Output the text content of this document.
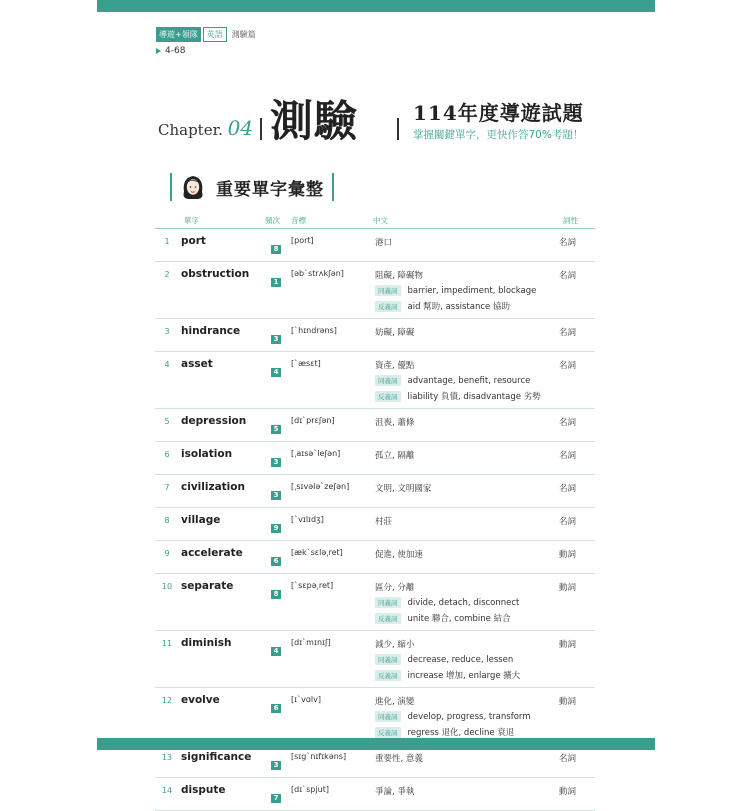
導遊+領隊	英語	測驗篇
4-68
Chapter. 04 測驗	114年度導遊試題
掌握關鍵單字，更快作答70%考題！
重要單字彙整
單字	頻次 音標	中文	詞性
1	port	8	[port]	港口	名詞
2	obstruction	1	[əbˋstrʌkʃən]	阻礙, 障礙物
同義詞 barrier, impediment, blockage
反義詞 aid 幫助, assistance 協助	名詞
3	hindrance	3	[ˋhɪndrəns]	妨礙, 障礙	名詞
4	asset	4	[ˋæsɛt]	資產, 優點
同義詞 advantage, benefit, resource
反義詞 liability 負債, disadvantage 劣勢	名詞
5	depression	5	[dɪˋprɛʃən]	沮喪, 蕭條	名詞
6	isolation	3	[͵aɪsəˋleʃən]	孤立, 隔離	名詞
7	civilization	3	[͵sɪvələˋzeʃən]	文明, 文明國家	名詞
8	village	9	[ˋvɪlɪdʒ]	村莊	名詞
9	accelerate	6	[ækˋsɛlə͵ret]	促進, 使加速	動詞
10	separate	8	[ˋsɛpə͵ret]	區分, 分離
同義詞 divide, detach, disconnect
反義詞 unite 聯合, combine 結合	動詞
11	diminish	4	[dɪˋmɪnɪʃ]	減少, 縮小
同義詞 decrease, reduce, lessen
反義詞 increase 增加, enlarge 擴大	動詞
12	evolve	6	[ɪˋvɑlv]	進化, 演變
同義詞 develop, progress, transform
反義詞 regress 退化, decline 衰退	動詞
13	significance	3	[sɪgˋnɪfɪkəns]	重要性, 意義	名詞
14	dispute	7	[dɪˋspjut]	爭論, 爭執	動詞
